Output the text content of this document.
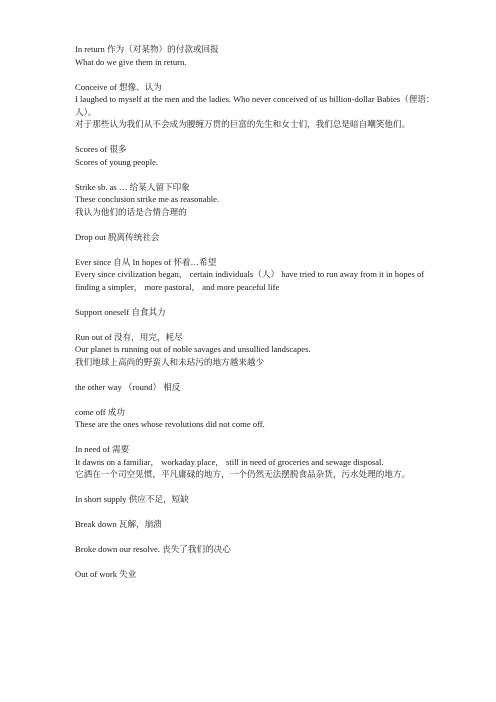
In return 作为（对某物）的付款或回报
What do we give them in return.
Conceive of 想像、认为
I laughed to myself at the men and the ladies. Who never conceived of us billion-dollar Babies（俚语：人）。
对于那些认为我们从不会成为腰缠万贯的巨富的先生和女士们，我们总是暗自嘲笑他们。
Scores of 很多
Scores of young people.
Strike sb. as … 给某人留下印象
These conclusion strike me as reasonable.
我认为他们的话是合情合理的
Drop out 脱离传统社会
Ever since 自从 In hopes of 怀着…希望
Every since civilization began， certain individuals（人） have tried to run away from it in hopes of finding a simpler， more pastoral， and more peaceful life
Support oneself 自食其力
Run out of 没有，用完，耗尽
Our planet is running out of noble savages and unsullied landscapes.
我们地球上高尚的野蛮人和未玷污的地方越来越少
the other way （round） 相反
come off 成功
These are the ones whose revolutions did not come off.
In need of 需要
It dawns on a familiar， workaday place， still in need of groceries and sewage disposal.
它洒在一个司空见惯，平凡庸碌的地方，一个仍然无法摆脱食品杂货，污水处理的地方。
In short supply 供应不足，短缺
Break down 瓦解，崩溃
Broke down our resolve. 丧失了我们的决心
Out of work 失业
